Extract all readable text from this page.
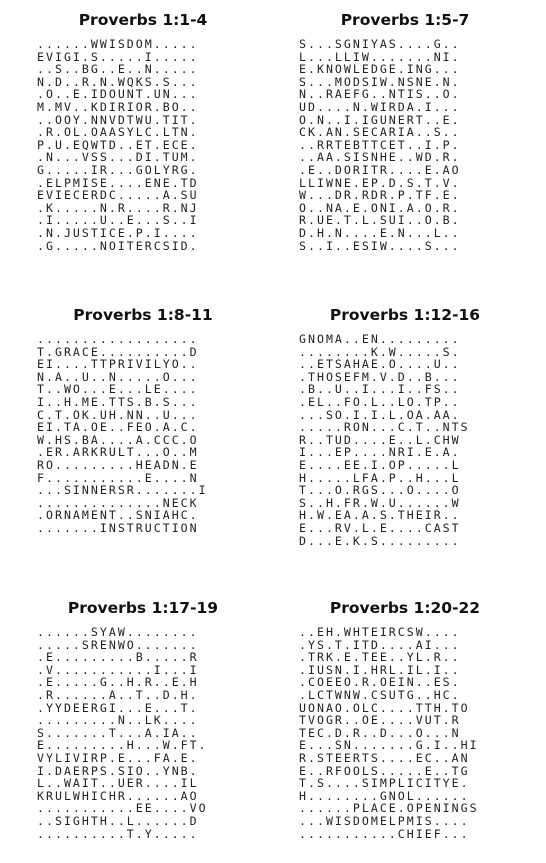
Proverbs 1:1-4
......WWISDOM.....
EVIGI.S.....I.....
..S..BG..E..N.....
N.D..R.N.WQKS.S...
.O..E.IDOUNT.UN...
M.MV..KDIRIOR.BO..
..OOY.NNVDTWU.TIT.
.R.OL.OAASYLC.LTN.
P.U.EQWTD..ET.ECE.
.N...VSS...DI.TUM.
G.....IR...GOLYRG.
.ELPMISE....ENE.TD
EVIECERDC.....A.SU
.K.....N.R....R.NJ
.I.....U..E...S..I
.N.JUSTICE.P.I....
.G.....NOITERCSID.
Proverbs 1:5-7
S...SGNIYAS....G..
L...LLIW.......NI.
E.KNOWLEDGE.ING...
S...MODSIW.NSNE.N.
N..RAEFG..NTIS..O.
UD....N.WIRDA.I...
O.N..I.IGUNERT..E.
CK.AN.SECARIA..S..
..RRTEBTTCET..I.P.
..AA.SISNHE..WD.R.
.E..DORITR....E.AO
LLIWNE.EP.D.S.T.V.
W...DR.RDR.P.TF.E.
O..NA.E.ONI.A.O.R.
R.UE.T.L.SUI..O.B.
D.H.N....E.N...L..
S..I..ESIW....S...
Proverbs 1:8-11
..................
T.GRACE..........D
EI....TTPRIVILYO..
N.A..U..N.....O...
T..WO...E...LE....
I..H.ME.TTS.B.S...
C.T.OK.UH.NN..U...
EI.TA.OE..FEO.A.C.
W.HS.BA....A.CCC.O
.ER.ARKRULT...O..M
RO.........HEADN.E
F...........E....N
...SINNERSR.......I
..............NECK
.ORNAMENT..SNIAHC.
.......INSTRUCTION
Proverbs 1:12-16
GNOMA..EN.........
........K.W.....S.
..ETSAHAE.O....U..
.THOSEFM.V.D..B...
.B..U..I...I..FS..
.EL..FO.L..LO.TP..
...SO.I.I.L.OA.AA.
.....RON...C.T..NTS
R..TUD....E..L.CHW
I...EP....NRI.E.A.
E....EE.I.OP.....L
H.....LFA.P..H...L
T...O.RGS...O....O
S..H.FR.W.U......W
H.W.EA.A.S.THEIR..
E...RV.L.E....CAST
D...E.K.S.........
Proverbs 1:17-19
......SYAW........
.....SRENWO.......
.E.........B.....R
.V...........I...I
.E.....G..H.R..E.H
.R......A..T..D.H.
.YYDEERGI...E...T.
.........N..LK....
S.......T...A.IA..
E.........H...W.FT.
VYLIVIRP.E...FA.E.
I.DAERPS.SIO..YNB.
L..WAIT..UER....IL
KRULWHICHR......AO
...........EE....VO
..SIGHTH..L......D
..........T.Y.....
Proverbs 1:20-22
..EH.WHTEIRCSW....
.YS.T.ITD....AI...
.TRK.E.TEE..YL.R..
.IUSN.I.HRL.IL.I..
.COEEO.R.OEIN..ES.
.LCTWNW.CSUTG..HC.
UONAO.OLC....TTH.TO
TVOGR..OE....VUT.R
TEC.D.R..D...O...N
E...SN.......G.I..HI
R.STEERTS....EC..AN
E..RFOOLS.....E..TG
T.S....SIMPLICITYE.
H........GNOL......
......PLACE.OPENINGS
...WISDOMELPMIS....
...........CHIEF...
